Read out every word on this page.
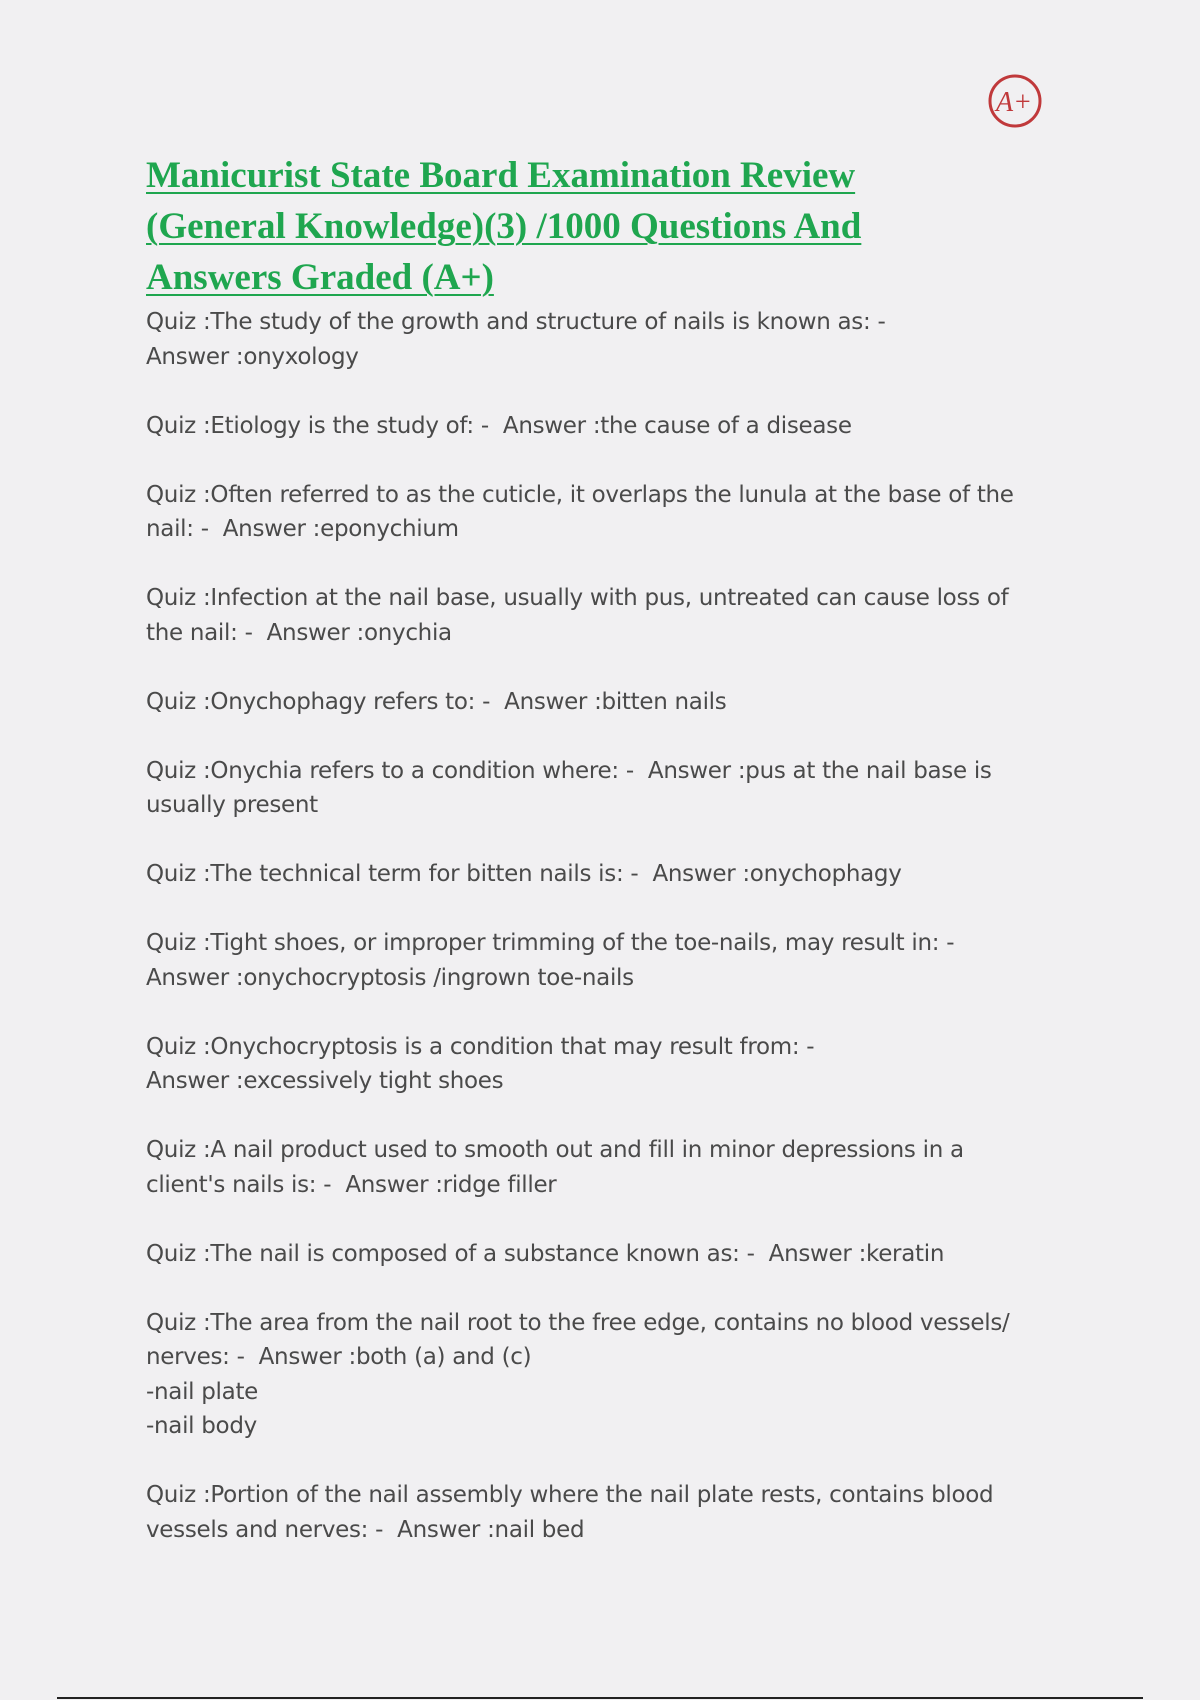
A+
Manicurist State Board Examination Review (General Knowledge)(3) /1000 Questions And Answers Graded (A+)
Quiz :The study of the growth and structure of nails is known as: -
Answer :onyxology
Quiz :Etiology is the study of: - Answer :the cause of a disease
Quiz :Often referred to as the cuticle, it overlaps the lunula at the base of the nail: - Answer :eponychium
Quiz :Infection at the nail base, usually with pus, untreated can cause loss of the nail: - Answer :onychia
Quiz :Onychophagy refers to: - Answer :bitten nails
Quiz :Onychia refers to a condition where: - Answer :pus at the nail base is usually present
Quiz :The technical term for bitten nails is: - Answer :onychophagy
Quiz :Tight shoes, or improper trimming of the toe-nails, may result in: -
Answer :onychocryptosis /ingrown toe-nails
Quiz :Onychocryptosis is a condition that may result from: -
Answer :excessively tight shoes
Quiz :A nail product used to smooth out and fill in minor depressions in a client's nails is: - Answer :ridge filler
Quiz :The nail is composed of a substance known as: - Answer :keratin
Quiz :The area from the nail root to the free edge, contains no blood vessels/ nerves: - Answer :both (a) and (c)
-nail plate
-nail body
Quiz :Portion of the nail assembly where the nail plate rests, contains blood vessels and nerves: - Answer :nail bed
